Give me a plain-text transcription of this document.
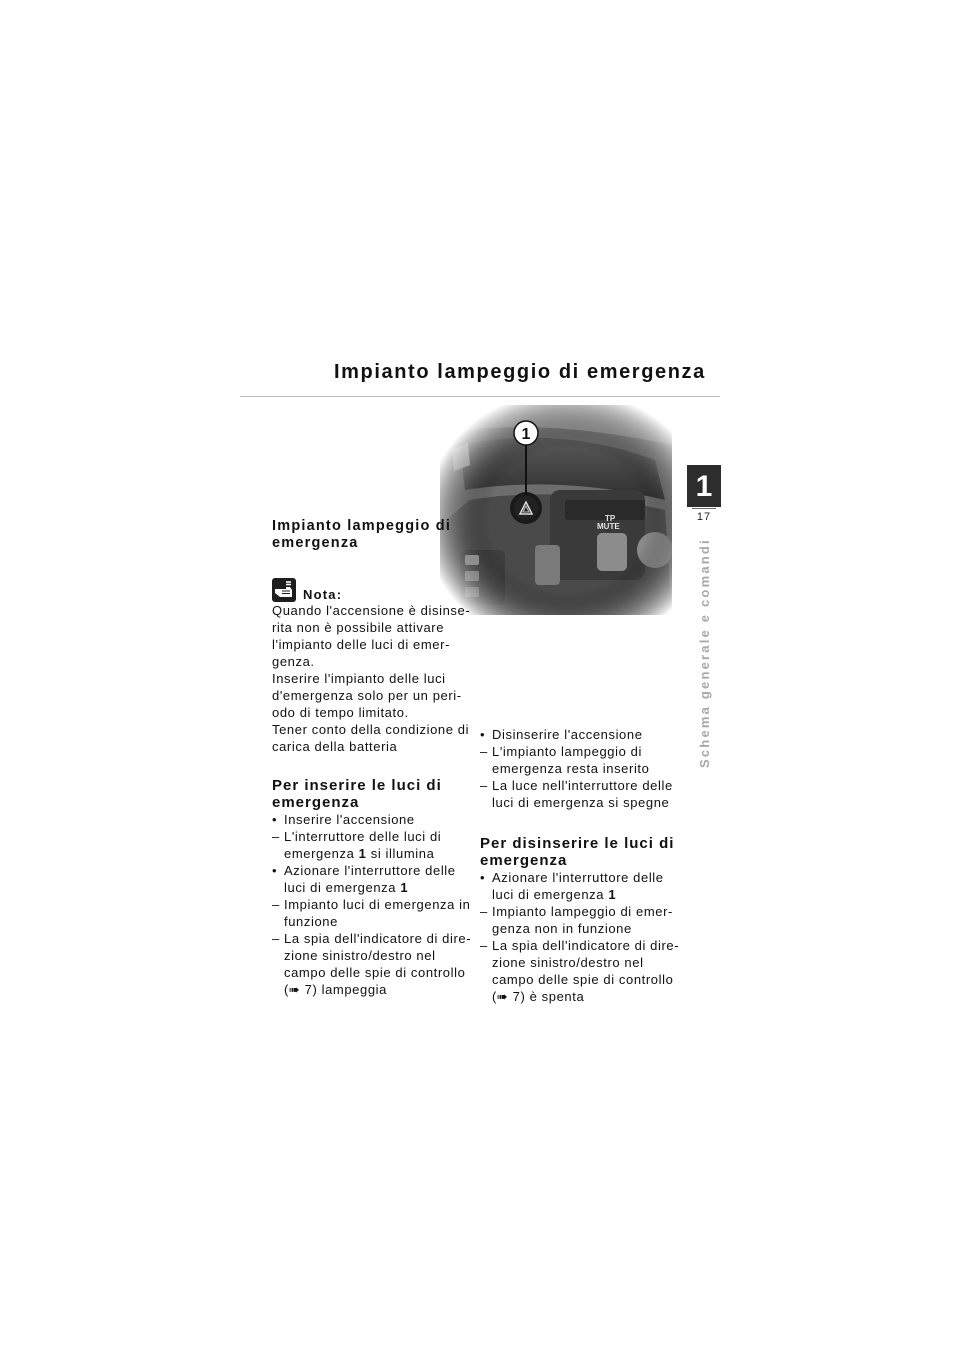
Impianto lampeggio di emergenza
1
17
Schema generale e comandi
1
Impianto lampeggio di
emergenza
Nota:

Quando l'accensione è disinse-

rita non è possibile attivare

l'impianto delle luci di emer-

genza.

Inserire l'impianto delle luci

d'emergenza solo per un peri-

odo di tempo limitato.

Tener conto della condizione di

carica della batteria

Per inserire le luci di
emergenza
• Inserire l'accensione
– L'interruttore delle luci di
emergenza 1 si illumina
• Azionare l'interruttore delle
luci di emergenza 1
– Impianto luci di emergenza in
funzione
– La spia dell'indicatore di dire-
zione sinistro/destro nel
campo delle spie di controllo
(➠ 7) lampeggia
• Disinserire l'accensione
– L'impianto lampeggio di
emergenza resta inserito
– La luce nell'interruttore delle
luci di emergenza si spegne
Per disinserire le luci di
emergenza
• Azionare l'interruttore delle
luci di emergenza 1
– Impianto lampeggio di emer-
genza non in funzione
– La spia dell'indicatore di dire-
zione sinistro/destro nel
campo delle spie di controllo
(➠ 7) è spenta
